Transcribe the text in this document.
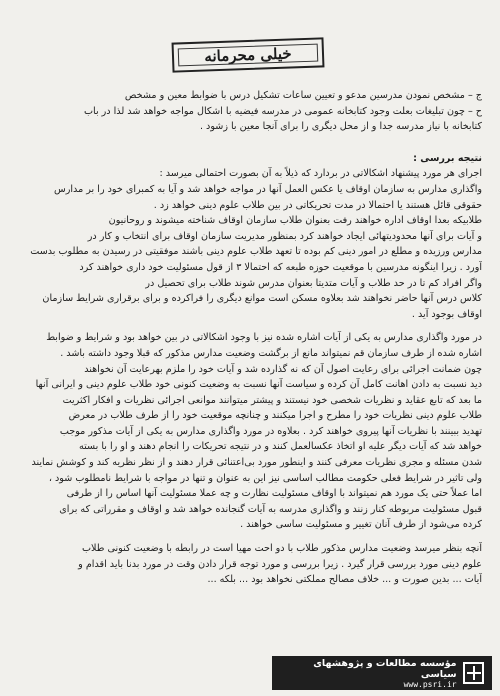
خیلی محرمانه

ج – مشخص نمودن مدرسین مدعو و تعیین ساعات تشکیل درس با ضوابط معین و مشخص

ح – چون تبلیغات بعلت وجود کتابخانه عمومی در مدرسه فیضیه با اشکال مواجه خواهد شد لذا در باب

کتابخانه با نیاز مدرسه جدا و از محل دیگری را برای آنجا معین با زشود .

نتیجه بررسی :

اجرای هر مورد پیشنهاد اشکالاتی در بردارد که ذیلاً به آن بصورت احتمالی میرسد :

واگذاری مدارس به سازمان اوقاف یا عکس العمل آنها در مواجه خواهد شد و آیا به کمبرای خود را بر مدارس

حقوقی قائل هستند یا احتمالا در مدت تحریکاتی در بین طلاب علوم دینی خواهد زد .

طلابیکه بعدا اوقاف اداره خواهند رفت بعنوان طلاب سازمان اوقاف شناخته میشوند و روحانیون

و آیات برای آنها محدودیتهائی ایجاد خواهند کرد بمنظور مدیریت سازمان اوقاف برای انتخاب و کار در

مدارس ورزیده و مطلع در امور دینی کم بوده تا تعهد طلاب علوم دینی باشند موفقیتی در رسیدن به مطلوب بدست

آورد . زیرا اینگونه مدرسین با موقعیت حوزه طبعه که احتمالا ۳ از قول مسئولیت خود داری خواهند کرد

واگر افراد کم تا در حد طلاب و آیات متدیتا بعنوان مدرس شوند طلاب برای تحصیل در

کلاس درس آنها حاضر نخواهند شد بعلاوه مسکن است موانع دیگری را فراکرده و برای برقراری شرایط سازمان

اوقاف بوجود آید .

در مورد واگذاری مدارس به یکی از آیات اشاره شده نیز با وجود اشکالاتی در بین خواهد بود و شرایط و ضوابط

اشاره شده از طرف سازمان قم نمیتواند مانع از برگشت وضعیت مدارس مذکور که قبلا وجود داشته باشد .

چون ضمانت اجرائی برای رعایت اصول آن که نه گذارده شد و آیات خود را ملزم بهرعایت آن نخواهند

دید نسبت به دادن اهانت کامل آن کرده و سیاست آنها نسبت به وضعیت کنونی خود طلاب علوم دینی و ایرانی آنها

ما بعد که تابع عقاید و نظریات شخصی خود نیستند و پیشتر میتوانند موانعی اجرائی نظریات و افکار اکثریت

طلاب علوم دینی نظریات خود را مطرح و اجرا میکنند و چنانچه موقعیت خود را از طرف طلاب در معرض

تهدید ببینند با نظریات آنها پیروی خواهند کرد . بعلاوه در مورد واگذاری مدارس به یکی از آیات مذکور موجب

خواهد شد که آیات دیگر علیه او اتخاذ عکسالعمل کنند و در نتیجه تحریکات را انجام دهند و او را با بسته

شدن مسئله و مجری نظریات معرفی کنند و اینطور مورد بی‌اعتنائی قرار دهند و از نظر نظریه کند و کوشش نمایند

ولی تاثیر در شرایط فعلی حکومت مطالب اساسی نیز این به عنوان و تنها در مواجه با شرایط نامطلوب شود ،

اما عملاً حتی یک مورد هم نمیتواند با اوقاف مسئولیت نظارت و چه عملا مسئولیت آنها اساس را از طرفی

قبول مسئولیت مربوطه کنار زنند و واگذاری مدرسه به آیات گنجانده خواهد شد و اوقاف و مقرراتی که برای

کرده می‌شود از طرف آنان تغییر و مسئولیت ساسی خواهند .

آنچه بنظر میرسد وضعیت مدارس مذکور طلاب با دو احت مهیا است در رابطه با وضعیت کنونی طلاب

علوم دینی مورد بررسی قرار گیرد . زیرا بررسی و مورد توجه قرار دادن وقت در مورد بدنا باید اقدام و

آیات ... بدین صورت و ... خلاف مصالح مملکتی نخواهد بود ... بلکه ...

مؤسسه مطالعات و پژوهشهای سیاسی
www.psri.ir
